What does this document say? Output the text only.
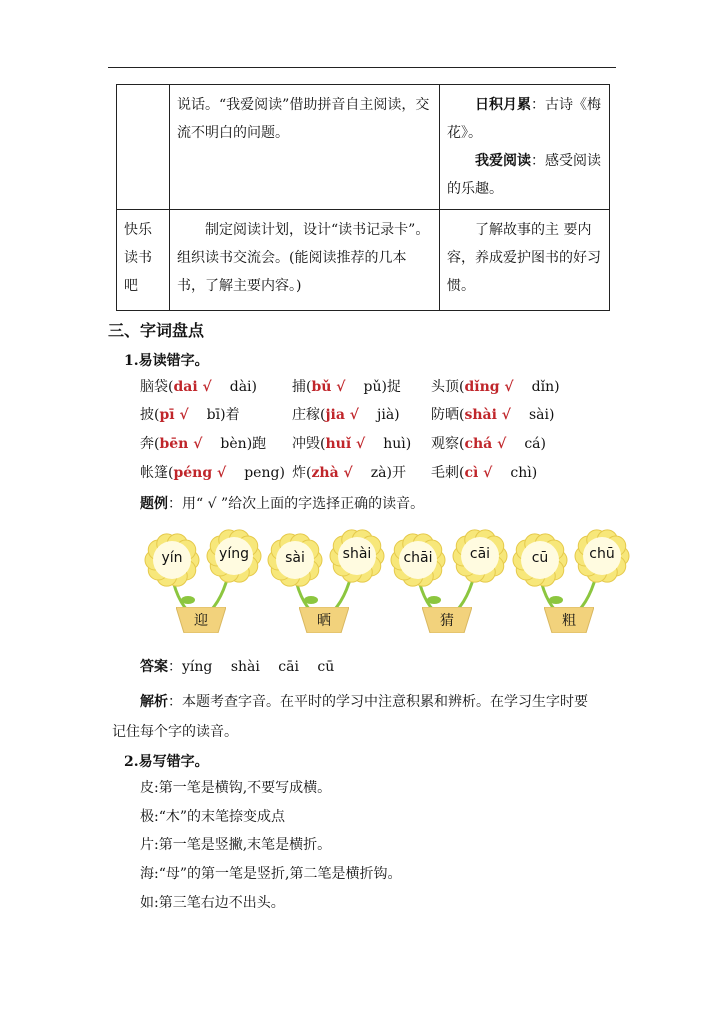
	说话。“我爱阅读”借助拼音自主阅读，交流不明白的问题。	日积月累：古诗《梅花》。
我爱阅读：感受阅读的乐趣。

快乐读书吧	制定阅读计划，设计“读书记录卡”。组织读书交流会。(能阅读推荐的几本书，了解主要内容。)	了解故事的主 要内容，养成爱护图书的好习惯。
三、字词盘点
1.易读错字。
脑袋(dai √ dài)	捕(bǔ √ pǔ)捉 头顶(dǐng √ dǐn)
披(pī √ bī)着	庄稼(jia √ jià) 防晒(shài √ sài)
奔(bēn √ bèn)跑 冲毁(huǐ √ huì) 观察(chá √ cá)
帐篷(péng √ peng) 炸(zhà √ zà)开 毛刺(cì √ chì)
题例：用“ √ ”给次上面的字选择正确的读音。
yín	yíng
迎
sài	shài
晒
chāi	cāi
猜
cū	chū
粗
答案：yíng　 shài　 cāi　 cū
解析：本题考查字音。在平时的学习中注意积累和辨析。在学习生字时要
记住每个字的读音。
2.易写错字。
皮:第一笔是横钩,不要写成横。
极:“木”的末笔捺变成点
片:第一笔是竖撇,末笔是横折。
海:“母”的第一笔是竖折,第二笔是横折钩。
如:第三笔右边不出头。
